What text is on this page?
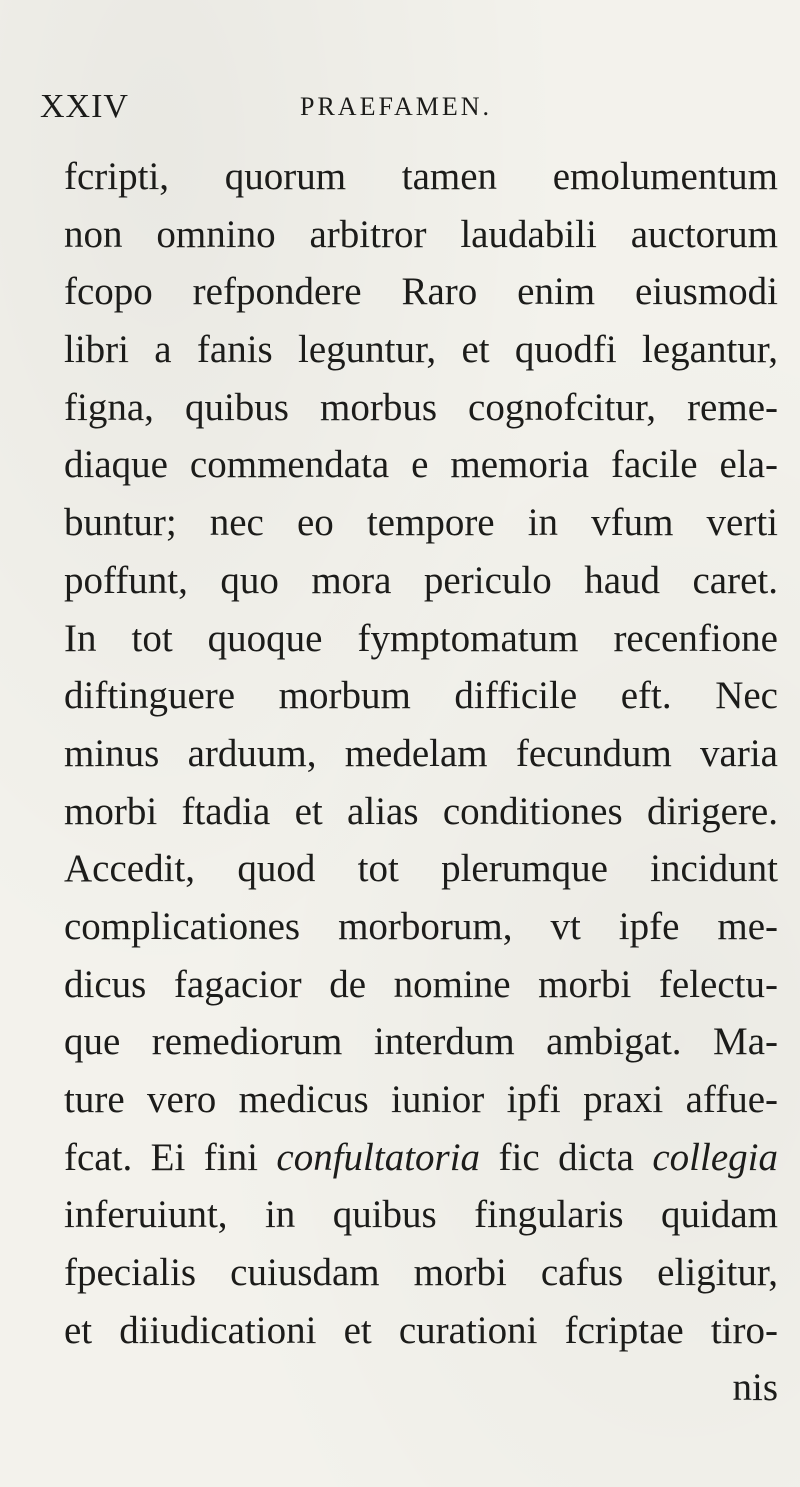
XXIV	PRAEFAMEN.
fcripti, quorum tamen emolumentum
non omnino arbitror laudabili auctorum
fcopo refpondere Raro enim eiusmodi
libri a fanis leguntur, et quodfi legantur,
figna, quibus morbus cognofcitur, reme-
diaque commendata e memoria facile ela-
buntur; nec eo tempore in vfum verti
poffunt, quo mora periculo haud caret.
In tot quoque fymptomatum recenfione
diftinguere morbum difficile eft. Nec
minus arduum, medelam fecundum varia
morbi ftadia et alias conditiones dirigere.
Accedit, quod tot plerumque incidunt
complicationes morborum, vt ipfe me-
dicus fagacior de nomine morbi felectu-
que remediorum interdum ambigat. Ma-
ture vero medicus iunior ipfi praxi affue-
fcat. Ei fini confultatoria fic dicta collegia
inferuiunt, in quibus fingularis quidam
fpecialis cuiusdam morbi cafus eligitur,
et diiudicationi et curationi fcriptae tiro-
nis
